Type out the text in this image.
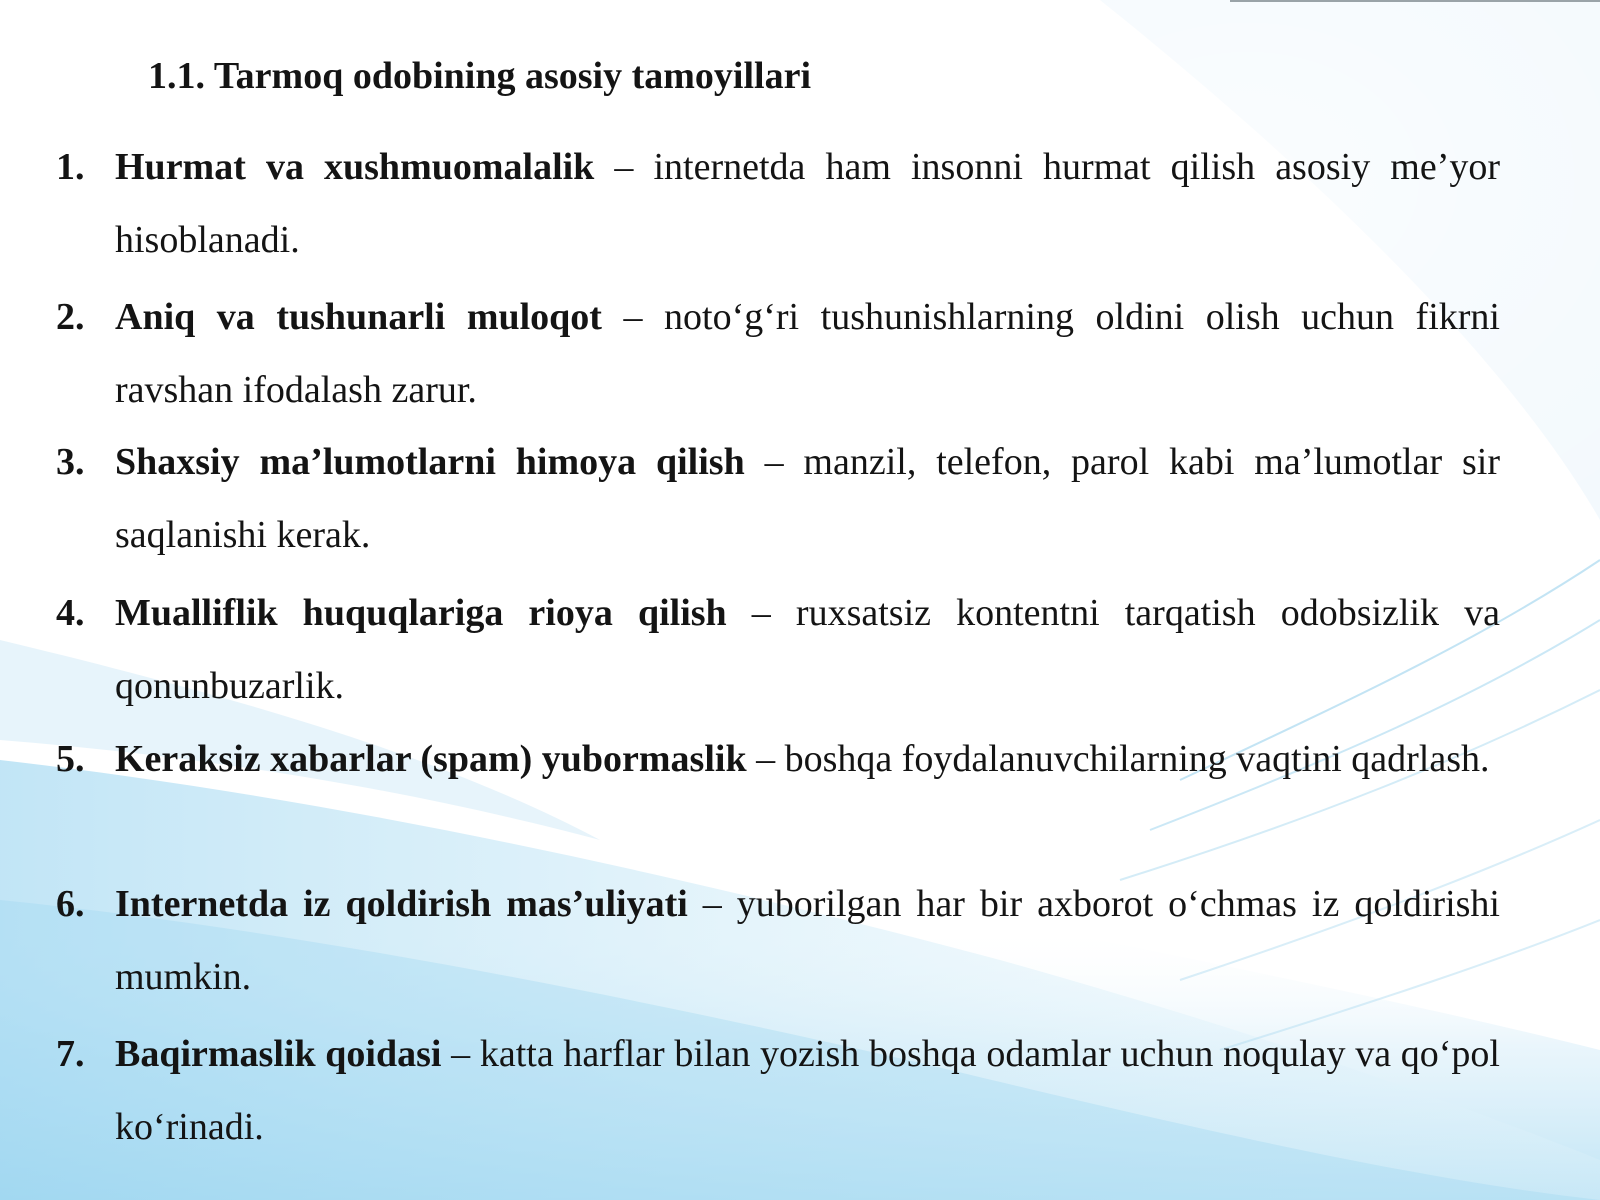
1.1. Tarmoq odobining asosiy tamoyillari
1. Hurmat va xushmuomalalik – internetda ham insonni hurmat qilish asosiy me’yor hisoblanadi.
2. Aniq va tushunarli muloqot – noto‘g‘ri tushunishlarning oldini olish uchun fikrni ravshan ifodalash zarur.
3. Shaxsiy ma’lumotlarni himoya qilish – manzil, telefon, parol kabi ma’lumotlar sir saqlanishi kerak.
4. Mualliflik huquqlariga rioya qilish – ruxsatsiz kontentni tarqatish odobsizlik va qonunbuzarlik.
5. Keraksiz xabarlar (spam) yubormaslik – boshqa foydalanuvchilarning vaqtini qadrlash.
6. Internetda iz qoldirish mas’uliyati – yuborilgan har bir axborot o‘chmas iz qoldirishi mumkin.
7. Baqirmaslik qoidasi – katta harflar bilan yozish boshqa odamlar uchun noqulay va qo‘pol ko‘rinadi.
